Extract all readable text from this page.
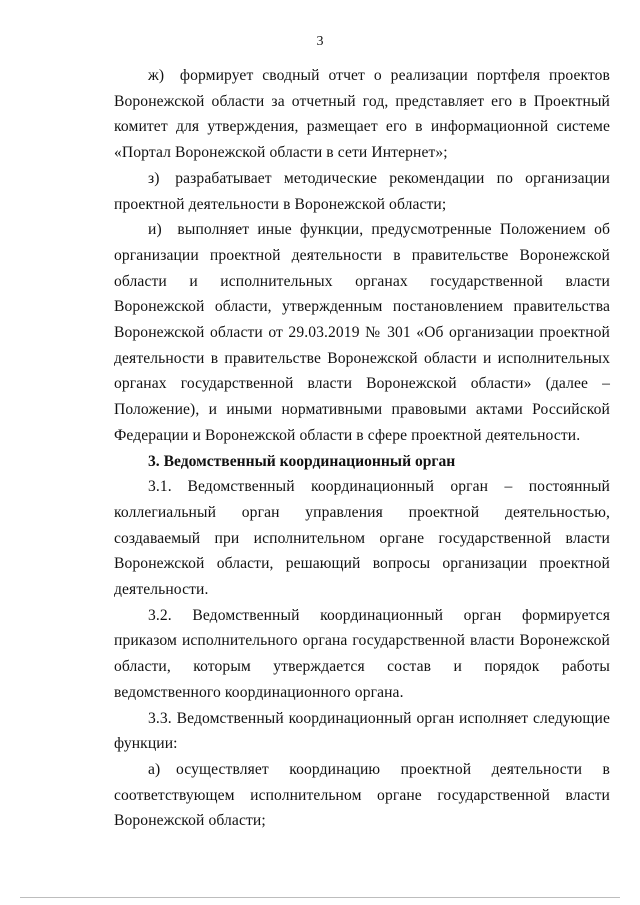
3

ж) формирует сводный отчет о реализации портфеля проектов Воронежской области за отчетный год, представляет его в Проектный комитет для утверждения, размещает его в информационной системе «Портал Воронежской области в сети Интернет»;

з) разрабатывает методические рекомендации по организации проектной деятельности в Воронежской области;

и) выполняет иные функции, предусмотренные Положением об организации проектной деятельности в правительстве Воронежской области и исполнительных органах государственной власти Воронежской области, утвержденным постановлением правительства Воронежской области от 29.03.2019 № 301 «Об организации проектной деятельности в правительстве Воронежской области и исполнительных органах государственной власти Воронежской области» (далее – Положение), и иными нормативными правовыми актами Российской Федерации и Воронежской области в сфере проектной деятельности.

3. Ведомственный координационный орган

3.1. Ведомственный координационный орган – постоянный коллегиальный орган управления проектной деятельностью, создаваемый при исполнительном органе государственной власти Воронежской области, решающий вопросы организации проектной деятельности.

3.2. Ведомственный координационный орган формируется приказом исполнительного органа государственной власти Воронежской области, которым утверждается состав и порядок работы ведомственного координационного органа.

3.3. Ведомственный координационный орган исполняет следующие функции:

а) осуществляет координацию проектной деятельности в соответствующем исполнительном органе государственной власти Воронежской области;
